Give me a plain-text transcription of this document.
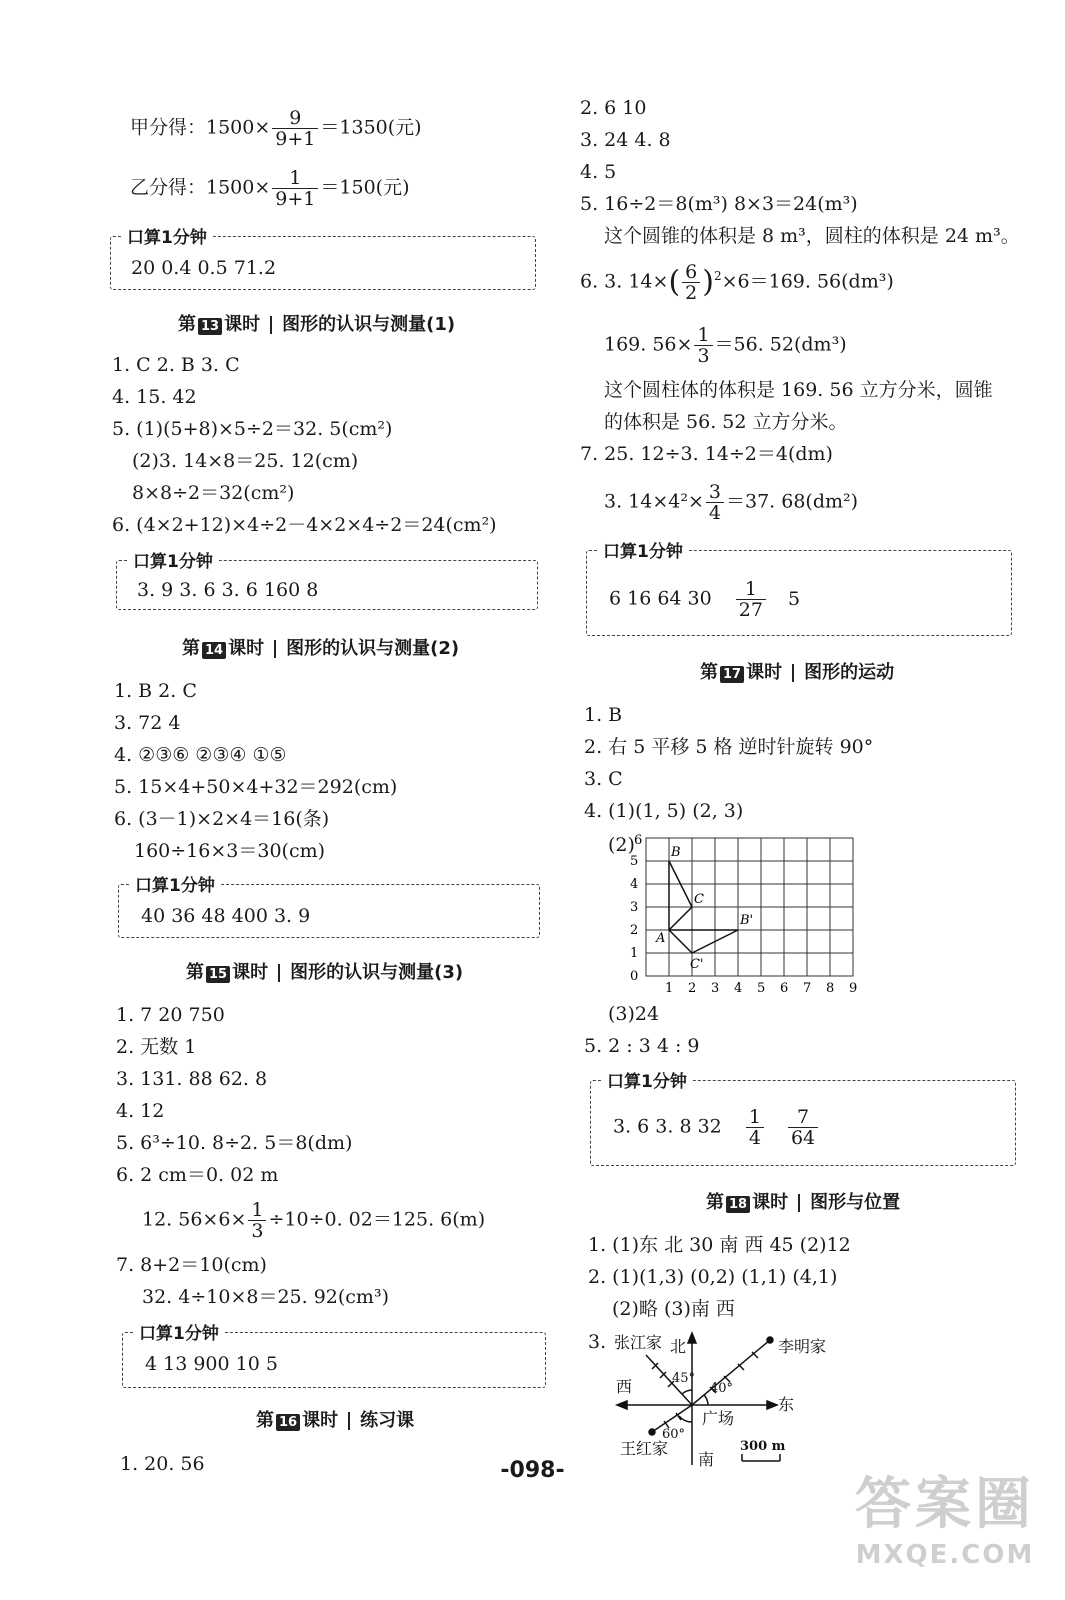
甲分得：$1500\times \frac{9}{9+1} =1350$(元)
乙分得：$1500\times \frac{1}{9+1} =150$(元)
口算1分钟
20 0.4 0.5 71.2
第 13 课时 图形的认识与测量(1)
1. C 2. B 3. C
4. 15. 42
5. (1)(5+8)×5÷2＝32. 5(cm²)
(2)3. 14×8＝25. 12(cm)
8×8÷2＝32(cm²)
6. (4×2+12)×4÷2－4×2×4÷2＝24(cm²)
口算1分钟
3. 9 3. 6 3. 6 160 8
第 14 课时 图形的认识与测量(2)
1. B 2. C
3. 72 4
4. ②③⑥ ②③④ ①⑤
5. 15×4+50×4+32＝292(cm)
6. (3－1)×2×4＝16(条)
160÷16×3＝30(cm)
口算1分钟
40 36 48 400 3. 9
第 15 课时 图形的认识与测量(3)
1. 7 20 750
2. 无数 1
3. 131. 88 62. 8
4. 12
5. 6³÷10. 8÷2. 5＝8(dm)
6. 2 cm＝0. 02 m
12. $56\times 6\times \frac{1}{3} \div 10\div 0$. 02＝125. 6(m)
7. 8+2＝10(cm)
32. 4÷10×8＝25. 92(cm³)
口算1分钟
4 13 900 10 5
第 16 课时 练习课
1. 20. 56
2. 6 10
3. 24 4. 8
4. 5
5. 16÷2＝8(m³) 8×3＝24(m³)
这个圆锥的体积是 8 m³，圆柱的体积是 24 m³。
6. 3. $14\times( \frac{6}{2} )^2\times 6=169$. 56(dm³)
169. $56\times \frac{1}{3} =56$. 52(dm³)
这个圆柱体的体积是 169. 56 立方分米，圆锥
的体积是 56. 52 立方分米。
7. 25. 12÷3. 14÷2＝4(dm)
3. $14\times 4^2\times \frac{3}{4} =37$. 68(dm²)
口算1分钟
6 16 64 $30 \frac{1}{27} 5$
第 17 课时 图形的运动
1. B
2. 右 5 平移 5 格 逆时针旋转 90°
3. C
4. (1)(1, 5) (2, 3)
(2)
0
1
2
3
4
5
6
1 2 3 4 5 6 7 8 9
B
C
A
B'
C'
(3)24
5. 2 : 3 4 : 9
口算1分钟
3. 6 3. 8 $32 \frac{1}{4}$
$\frac{7}{64}$
第 18 课时 图形与位置
1. (1)东 北 30 南 西 45 (2)12
2. (1)(1,3) (0,2) (1,1) (4,1)
(2)略 (3)南 西
3. 张江家 北	李明家
西
东
广场
王红家
南
45°
40°
60°
300 m
-098-
答案圈
MXQE.COM
